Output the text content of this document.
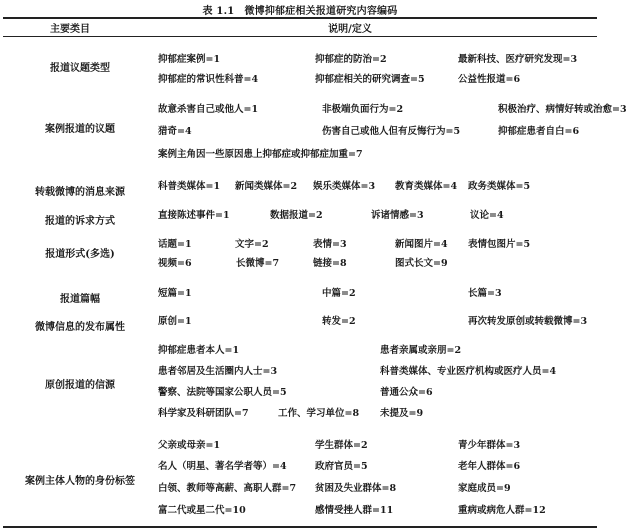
表 1.1 微博抑郁症相关报道研究内容编码
主要类目	说明/定义
报道议题类型
抑郁症案例=1	抑郁症的防治=2	最新科技、医疗研究发现=3
抑郁症的常识性科普=4	抑郁症相关的研究调查=5	公益性报道=6
案例报道的议题
故意杀害自己或他人=1	非极端负面行为=2	积极治疗、病情好转或治愈=3
猎奇=4	伤害自己或他人但有反悔行为=5	抑郁症患者自白=6
案例主角因一些原因患上抑郁症或抑郁症加重=7
转载微博的消息来源
科普类媒体=1 新闻类媒体=2 娱乐类媒体=3 教育类媒体=4 政务类媒体=5
报道的诉求方式
直接陈述事件=1	数据报道=2	诉诸情感=3	议论=4
报道形式(多选)
话题=1	文字=2	表情=3	新闻图片=4 表情包图片=5
视频=6	长微博=7	链接=8	图式长文=9
报道篇幅
短篇=1	中篇=2	长篇=3
微博信息的发布属性
原创=1	转发=2	再次转发原创或转载微博=3
原创报道的信源
抑郁症患者本人=1	患者亲属或亲朋=2
患者邻居及生活圈内人士=3	科普类媒体、专业医疗机构或医疗人员=4
警察、法院等国家公职人员=5	普通公众=6
科学家及科研团队=7	工作、学习单位=8 未提及=9
案例主体人物的身份标签
父亲或母亲=1	学生群体=2	青少年群体=3
名人（明星、著名学者等）=4	政府官员=5	老年人群体=6
白领、教师等高薪、高职人群=7 贫困及失业群体=8	家庭成员=9
富二代或星二代=10	感情受挫人群=11	重病或病危人群=12
